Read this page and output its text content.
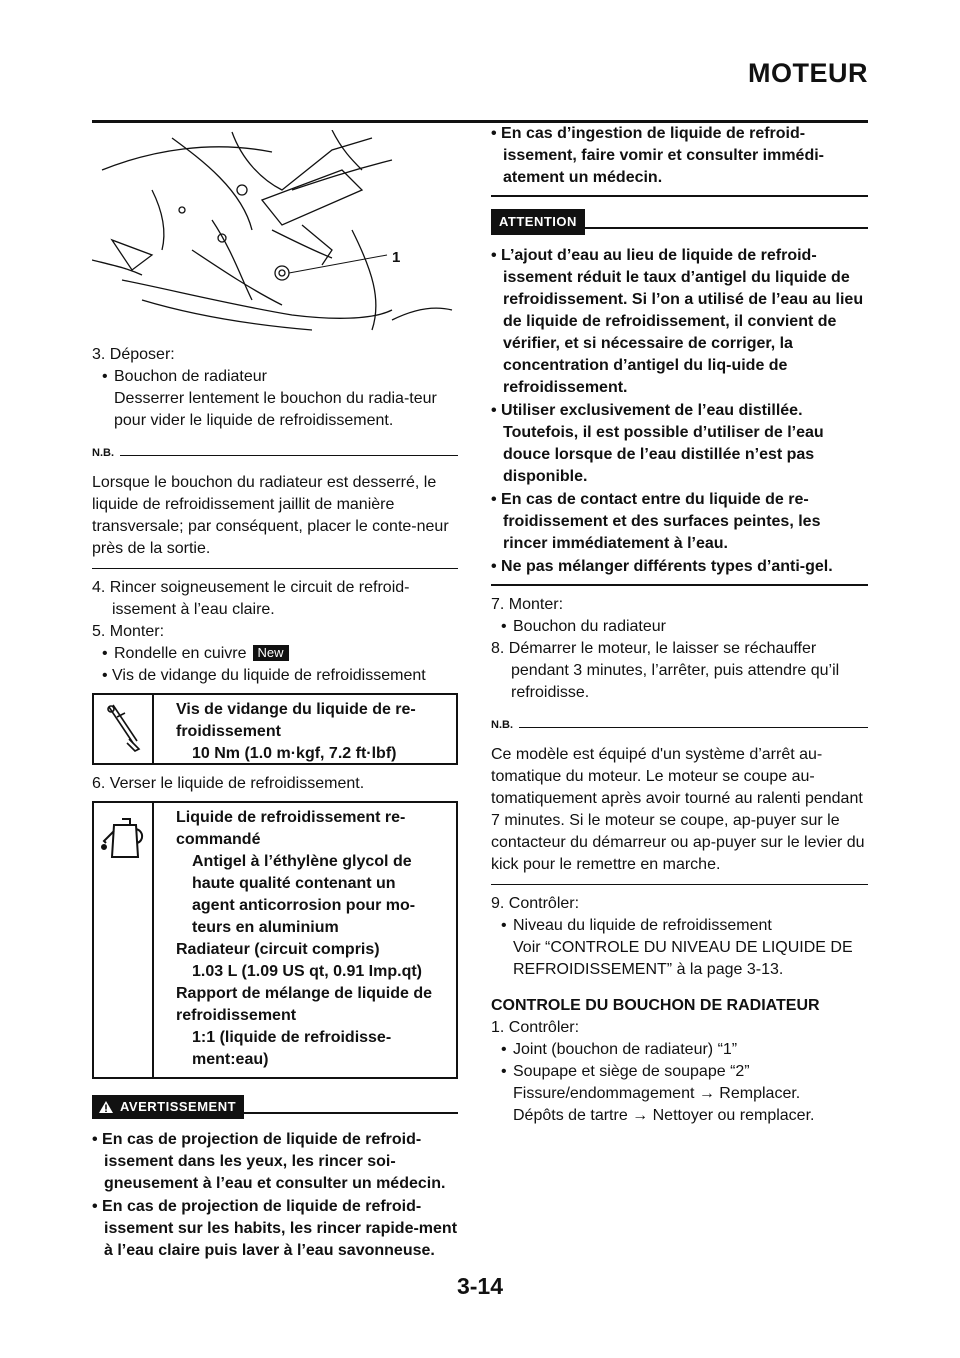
MOTEUR
1

3. Déposer:

• Bouchon de radiateur

Desserrer lentement le bouchon du radia-teur pour vider le liquide de refroidissement.

N.B.

Lorsque le bouchon du radiateur est desserré, le liquide de refroidissement jaillit de manière transversale; par conséquent, placer le conte-neur près de la sortie.

4. Rincer soigneusement le circuit de refroid-issement à l’eau claire.

5. Monter:

• Rondelle en cuivre New

• Vis de vidange du liquide de refroidissement

Vis de vidange du liquide de re-froidissement
10 Nm (1.0 m·kgf, 7.2 ft·lbf)

6. Verser le liquide de refroidissement.

Liquide de refroidissement re-commandé
Antigel à l’éthylène glycol de haute qualité contenant un agent anticorrosion pour mo-teurs en aluminium
Radiateur (circuit compris)
1.03 L (1.09 US qt, 0.91 Imp.qt)
Rapport de mélange de liquide de refroidissement
1:1 (liquide de refroidisse-ment:eau)
AVERTISSEMENT

• En cas de projection de liquide de refroid-issement dans les yeux, les rincer soi-gneusement à l’eau et consulter un médecin.

• En cas de projection de liquide de refroid-issement sur les habits, les rincer rapide-ment à l’eau claire puis laver à l’eau savonneuse.

• En cas d’ingestion de liquide de refroid-issement, faire vomir et consulter immédi-atement un médecin.

ATTENTION

• L’ajout d’eau au lieu de liquide de refroid-issement réduit le taux d’antigel du liquide de refroidissement. Si l’on a utilisé de l’eau au lieu de liquide de refroidissement, il convient de vérifier, et si nécessaire de corriger, la concentration d’antigel du liq-uide de refroidissement.

• Utiliser exclusivement de l’eau distillée. Toutefois, il est possible d’utiliser de l’eau douce lorsque de l’eau distillée n’est pas disponible.

• En cas de contact entre du liquide de re-froidissement et des surfaces peintes, les rincer immédiatement à l’eau.

• Ne pas mélanger différents types d’anti-gel.

7. Monter:

• Bouchon du radiateur

8. Démarrer le moteur, le laisser se réchauffer pendant 3 minutes, l’arrêter, puis attendre qu’il refroidisse.

N.B.

Ce modèle est équipé d'un système d’arrêt au-tomatique du moteur. Le moteur se coupe au-tomatiquement après avoir tourné au ralenti pendant 7 minutes. Si le moteur se coupe, ap-puyer sur le contacteur du démarreur ou ap-puyer sur le levier du kick pour le remettre en marche.

9. Contrôler:

• Niveau du liquide de refroidissement

Voir “CONTROLE DU NIVEAU DE LIQUIDE DE REFROIDISSEMENT” à la page 3-13.

CONTROLE DU BOUCHON DE RADIATEUR

1. Contrôler:

• Joint (bouchon de radiateur) “1”

• Soupape et siège de soupape “2”

Fissure/endommagement → Remplacer.

Dépôts de tartre → Nettoyer ou remplacer.

3-14
